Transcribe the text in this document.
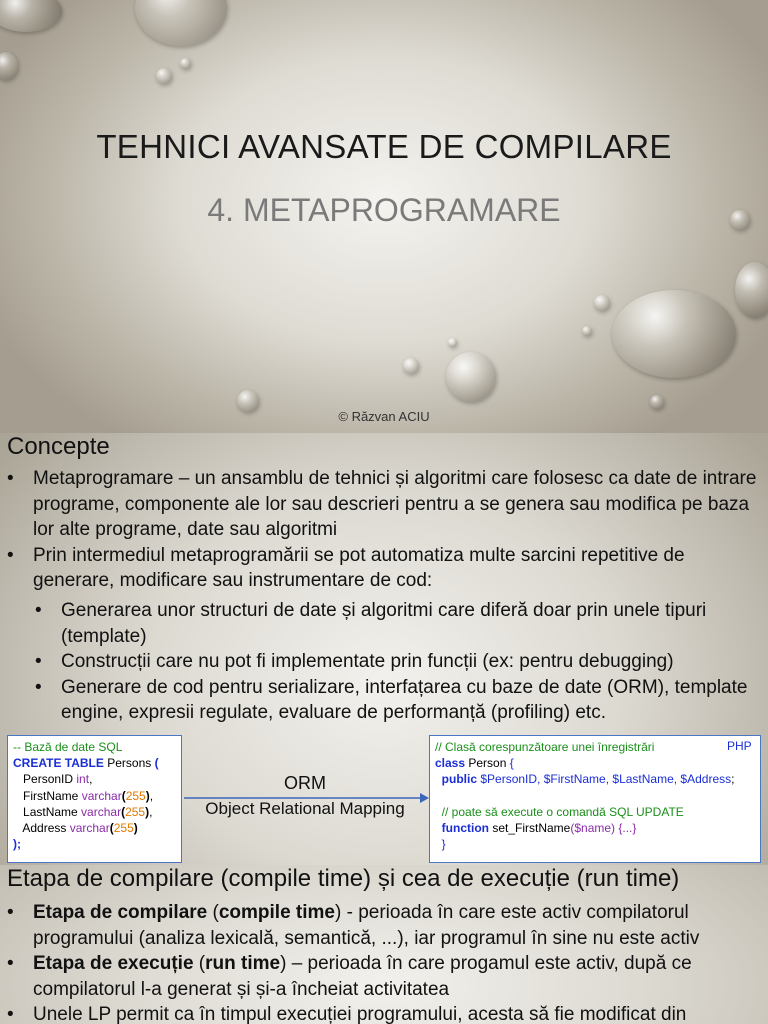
TEHNICI AVANSATE DE COMPILARE
4. METAPROGRAMARE
© Răzvan ACIU
Concepte
• Metaprogramare – un ansamblu de tehnici și algoritmi care folosesc ca date de intrare programe, componente ale lor sau descrieri pentru a se genera sau modifica pe baza lor alte programe, date sau algoritmi
• Prin intermediul metaprogramării se pot automatiza multe sarcini repetitive de generare, modificare sau instrumentare de cod:
• Generarea unor structuri de date și algoritmi care diferă doar prin unele tipuri (template)
• Construcții care nu pot fi implementate prin funcții (ex: pentru debugging)
• Generare de cod pentru serializare, interfațarea cu baze de date (ORM), template engine, expresii regulate, evaluare de performanță (profiling) etc.
-- Bază de date SQL
CREATE TABLE Persons (
PersonID int,
FirstName varchar(255),
LastName varchar(255),
Address varchar(255)
);
ORM
Object Relational Mapping
// Clasă corespunzătoare unei înregistrări
class Person {
public $PersonID, $FirstName, $LastName, $Address;

// poate să execute o comandă SQL UPDATE
function set_FirstName($name) {...}
}
PHP
Etapa de compilare (compile time) și cea de execuție (run time)
• Etapa de compilare (compile time) - perioada în care este activ compilatorul programului (analiza lexicală, semantică, ...), iar programul în sine nu este activ
• Etapa de execuție (run time) – perioada în care progamul este activ, după ce compilatorul l-a generat și și-a încheiat activitatea
• Unele LP permit ca în timpul execuției programului, acesta să fie modificat din
